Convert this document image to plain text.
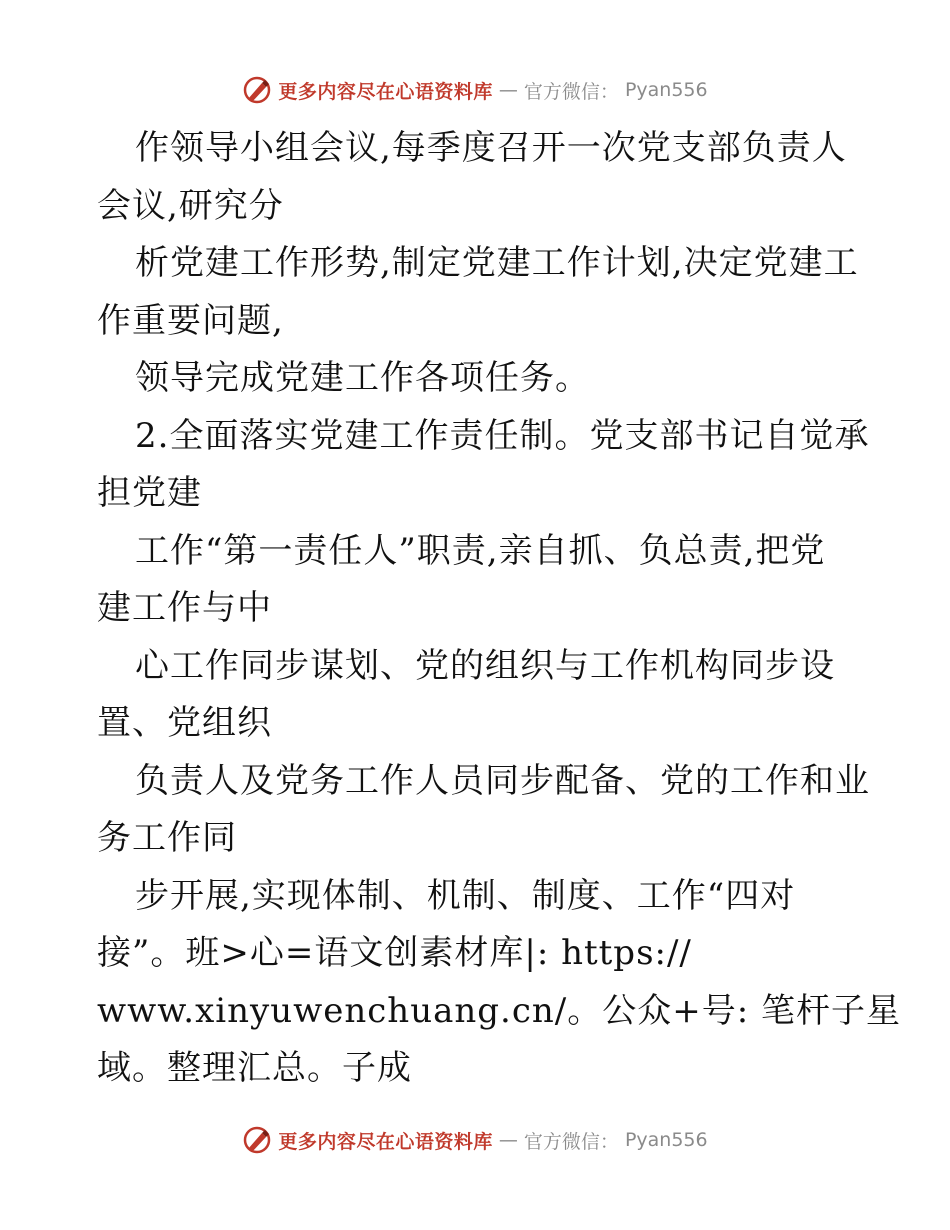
更多内容尽在心语资料库 — 官方微信： Pyan556
作领导小组会议,每季度召开一次党支部负责人
会议,研究分
析党建工作形势,制定党建工作计划,决定党建工
作重要问题,
领导完成党建工作各项任务。
2.全面落实党建工作责任制。党支部书记自觉承
担党建
工作“第一责任人”职责,亲自抓、负总责,把党
建工作与中
心工作同步谋划、党的组织与工作机构同步设
置、党组织
负责人及党务工作人员同步配备、党的工作和业
务工作同
步开展,实现体制、机制、制度、工作“四对
接”。班>心=语文创素材库|: https://
www.xinyuwenchuang.cn/。公众+号: 笔杆子星
域。整理汇总。子成
更多内容尽在心语资料库 — 官方微信： Pyan556
